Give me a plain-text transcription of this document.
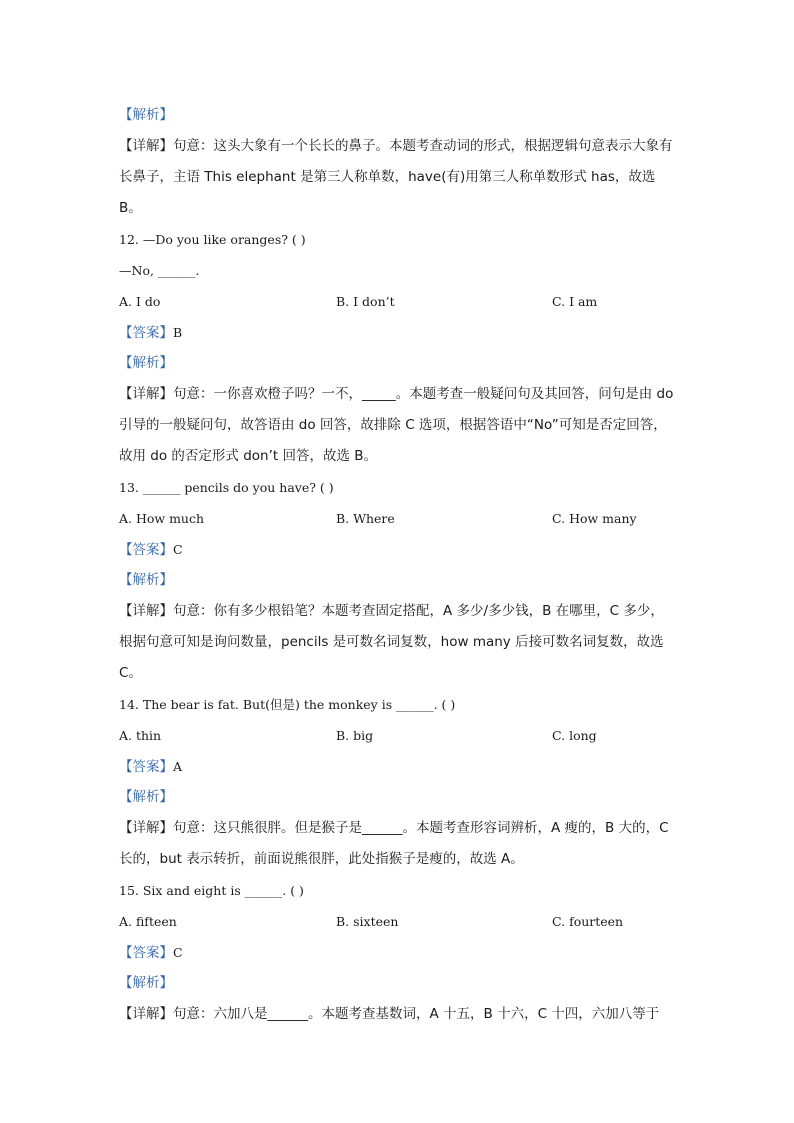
【解析】
【详解】句意：这头大象有一个长长的鼻子。本题考查动词的形式，根据逻辑句意表示大象有长鼻子，主语 This elephant 是第三人称单数，have(有)用第三人称单数形式 has，故选 B。
12. —Do you like oranges? ( )
—No, ______.
A. I do	B. I don’t	C. I am
【答案】B
【解析】
【详解】句意：一你喜欢橙子吗？一不，_____。本题考查一般疑问句及其回答，问句是由 do 引导的一般疑问句，故答语由 do 回答，故排除 C 选项，根据答语中“No”可知是否定回答，故用 do 的否定形式 don’t 回答，故选 B。
13. ______ pencils do you have? ( )
A. How much	B. Where	C. How many
【答案】C
【解析】
【详解】句意：你有多少根铅笔？本题考查固定搭配，A 多少/多少钱，B 在哪里，C 多少，根据句意可知是询问数量，pencils 是可数名词复数，how many 后接可数名词复数，故选 C。
14. The bear is fat. But(但是) the monkey is ______. ( )
A. thin	B. big	C. long
【答案】A
【解析】
【详解】句意：这只熊很胖。但是猴子是______。本题考查形容词辨析，A 瘦的，B 大的，C 长的，but 表示转折，前面说熊很胖，此处指猴子是瘦的，故选 A。
15. Six and eight is ______. ( )
A. fifteen	B. sixteen	C. fourteen
【答案】C
【解析】
【详解】句意：六加八是______。本题考查基数词，A 十五，B 十六，C 十四，六加八等于
